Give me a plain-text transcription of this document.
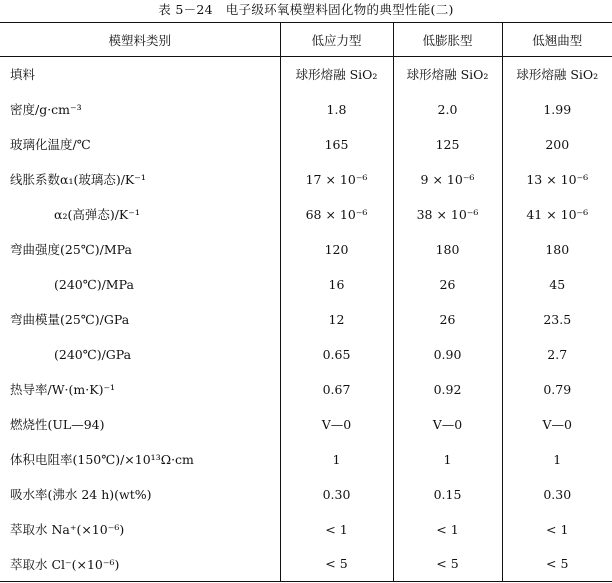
表 5－24　电子级环氧模塑料固化物的典型性能(二)
模塑料类别	低应力型	低膨胀型	低翘曲型
填料	球形熔融 SiO₂	球形熔融 SiO₂	球形熔融 SiO₂
密度/g·cm⁻³	1.8	2.0	1.99
玻璃化温度/℃	165	125	200
线胀系数α₁(玻璃态)/K⁻¹	17 × 10⁻⁶	9 × 10⁻⁶	13 × 10⁻⁶
α₂(高弹态)/K⁻¹	68 × 10⁻⁶	38 × 10⁻⁶	41 × 10⁻⁶
弯曲强度(25℃)/MPa	120	180	180
(240℃)/MPa	16	26	45
弯曲模量(25℃)/GPa	12	26	23.5
(240℃)/GPa	0.65	0.90	2.7
热导率/W·(m·K)⁻¹	0.67	0.92	0.79
燃烧性(UL—94)	V—0	V—0	V—0
体积电阻率(150℃)/×10¹³Ω·cm	1	1	1
吸水率(沸水 24 h)(wt%)	0.30	0.15	0.30
萃取水 Na⁺(×10⁻⁶)	< 1	< 1	< 1
萃取水 Cl⁻(×10⁻⁶)	< 5	< 5	< 5
